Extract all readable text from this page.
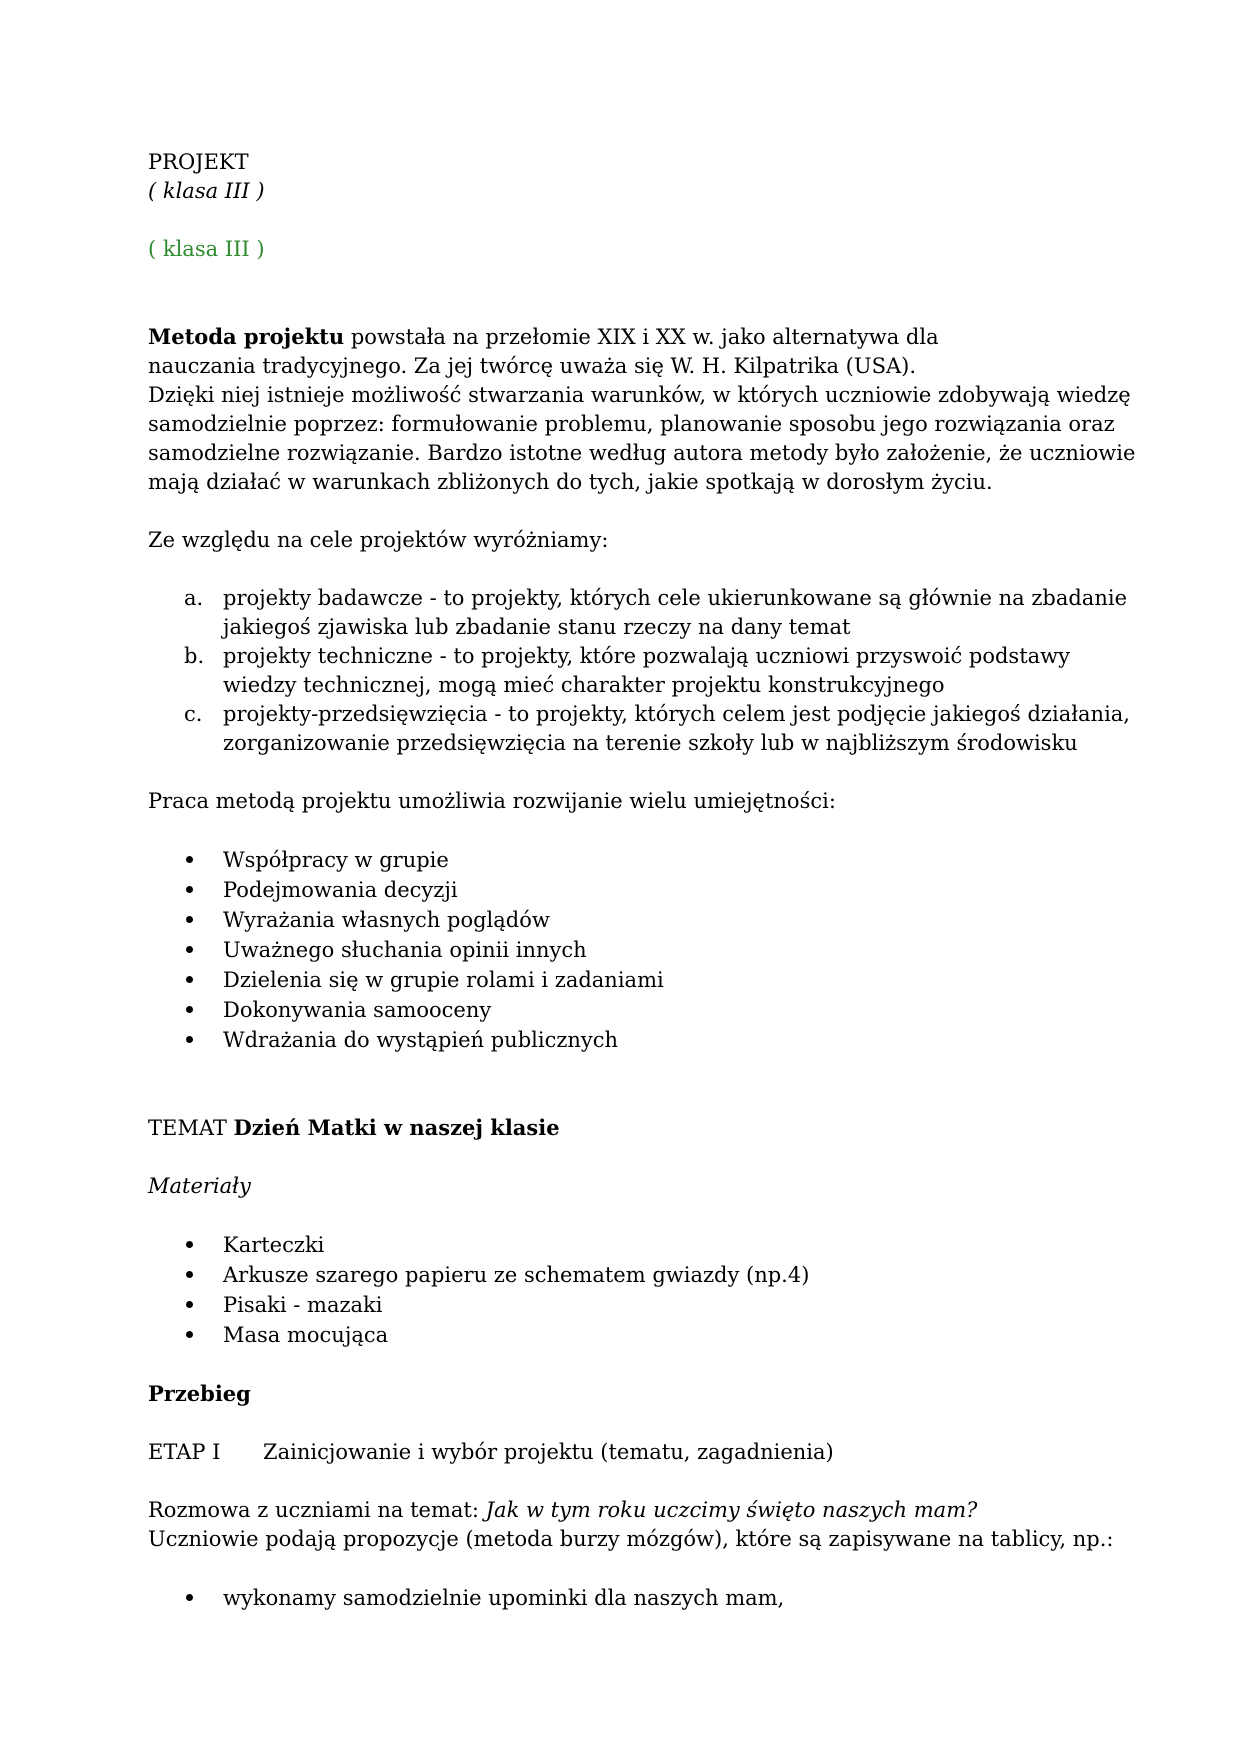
PROJEKT
( klasa III )
( klasa III )

Metoda projektu powstała na przełomie XIX i XX w. jako alternatywa dla
nauczania tradycyjnego. Za jej twórcę uważa się W. H. Kilpatrika (USA).

Dzięki niej istnieje możliwość stwarzania warunków, w których uczniowie zdobywają wiedzę samodzielnie poprzez: formułowanie problemu, planowanie sposobu jego rozwiązania oraz samodzielne rozwiązanie. Bardzo istotne według autora metody było założenie, że uczniowie mają działać w warunkach zbliżonych do tych, jakie spotkają w dorosłym życiu.

Ze względu na cele projektów wyróżniamy:

a. projekty badawcze - to projekty, których cele ukierunkowane są głównie na zbadanie jakiegoś zjawiska lub zbadanie stanu rzeczy na dany temat
b. projekty techniczne - to projekty, które pozwalają uczniowi przyswoić podstawy wiedzy technicznej, mogą mieć charakter projektu konstrukcyjnego
c. projekty-przedsięwzięcia - to projekty, których celem jest podjęcie jakiegoś działania, zorganizowanie przedsięwzięcia na terenie szkoły lub w najbliższym środowisku

Praca metodą projektu umożliwia rozwijanie wielu umiejętności:

Współpracy w grupie
Podejmowania decyzji
Wyrażania własnych poglądów
Uważnego słuchania opinii innych
Dzielenia się w grupie rolami i zadaniami
Dokonywania samooceny
Wdrażania do wystąpień publicznych

TEMAT Dzień Matki w naszej klasie

Materiały

Karteczki
Arkusze szarego papieru ze schematem gwiazdy (np.4)
Pisaki - mazaki
Masa mocująca

Przebieg

ETAP I Zainicjowanie i wybór projektu (tematu, zagadnienia)

Rozmowa z uczniami na temat: Jak w tym roku uczcimy święto naszych mam?

Uczniowie podają propozycje (metoda burzy mózgów), które są zapisywane na tablicy, np.:

wykonamy samodzielnie upominki dla naszych mam,
